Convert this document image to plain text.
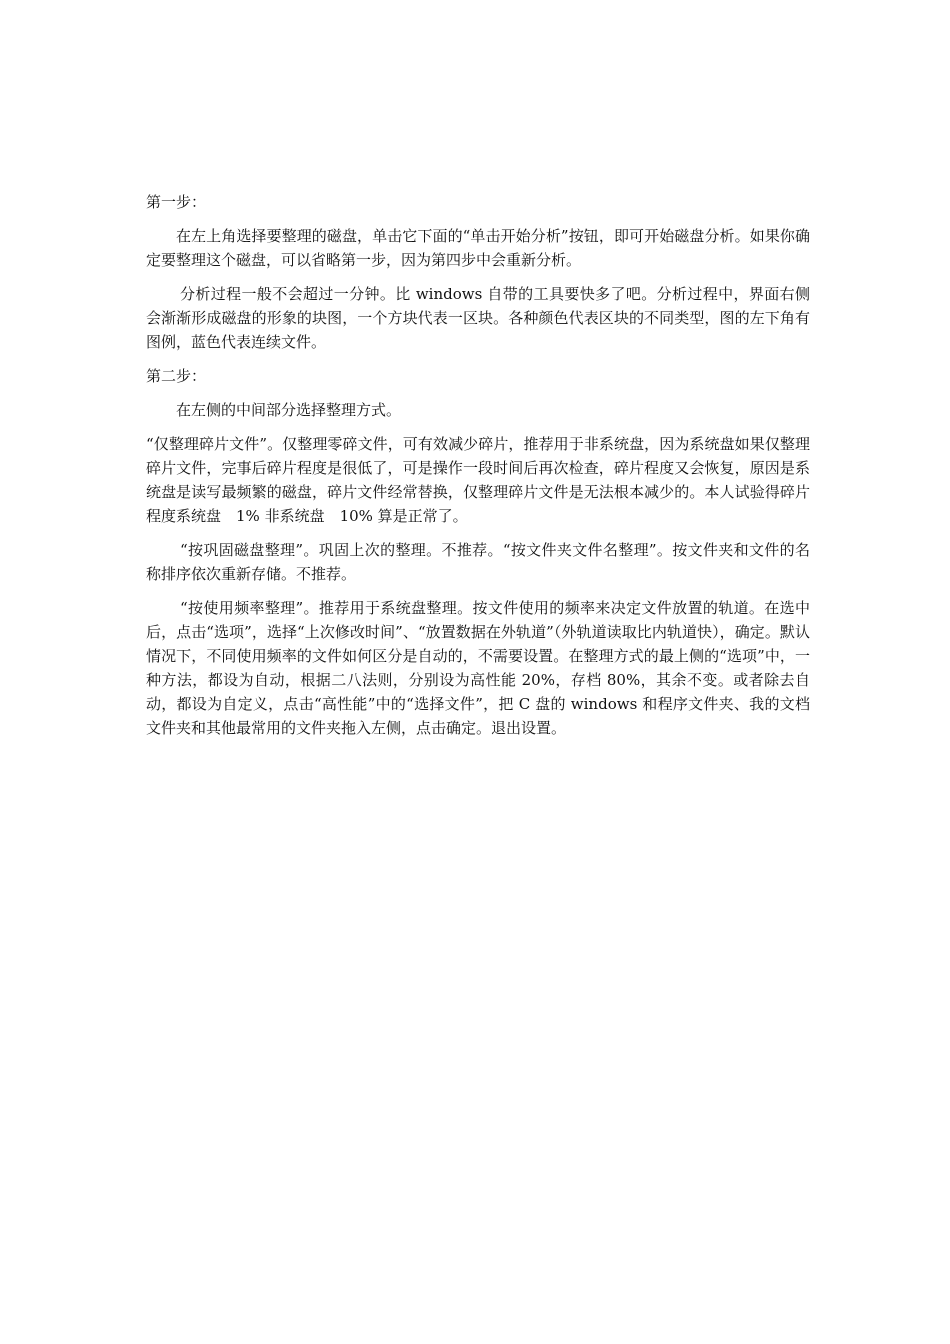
第一步：

在左上角选择要整理的磁盘，单击它下面的“单击开始分析”按钮，即可开始磁盘分析。如果你确定要整理这个磁盘，可以省略第一步，因为第四步中会重新分析。

分析过程一般不会超过一分钟。比 windows 自带的工具要快多了吧。分析过程中，界面右侧会渐渐形成磁盘的形象的块图，一个方块代表一区块。各种颜色代表区块的不同类型，图的左下角有图例，蓝色代表连续文件。

第二步：

在左侧的中间部分选择整理方式。

“仅整理碎片文件”。仅整理零碎文件，可有效减少碎片，推荐用于非系统盘，因为系统盘如果仅整理碎片文件，完事后碎片程度是很低了，可是操作一段时间后再次检查，碎片程度又会恢复，原因是系统盘是读写最频繁的磁盘，碎片文件经常替换，仅整理碎片文件是无法根本减少的。本人试验得碎片程度系统盘　1% 非系统盘　10% 算是正常了。

“按巩固磁盘整理”。巩固上次的整理。不推荐。“按文件夹文件名整理”。按文件夹和文件的名称排序依次重新存储。不推荐。

“按使用频率整理”。推荐用于系统盘整理。按文件使用的频率来决定文件放置的轨道。在选中后，点击“选项”，选择“上次修改时间”、“放置数据在外轨道”（外轨道读取比内轨道快），确定。默认情况下，不同使用频率的文件如何区分是自动的，不需要设置。在整理方式的最上侧的“选项”中，一种方法，都设为自动，根据二八法则，分别设为高性能 20%，存档 80%，其余不变。或者除去自动，都设为自定义，点击“高性能”中的“选择文件”，把 C 盘的 windows 和程序文件夹、我的文档文件夹和其他最常用的文件夹拖入左侧，点击确定。退出设置。
